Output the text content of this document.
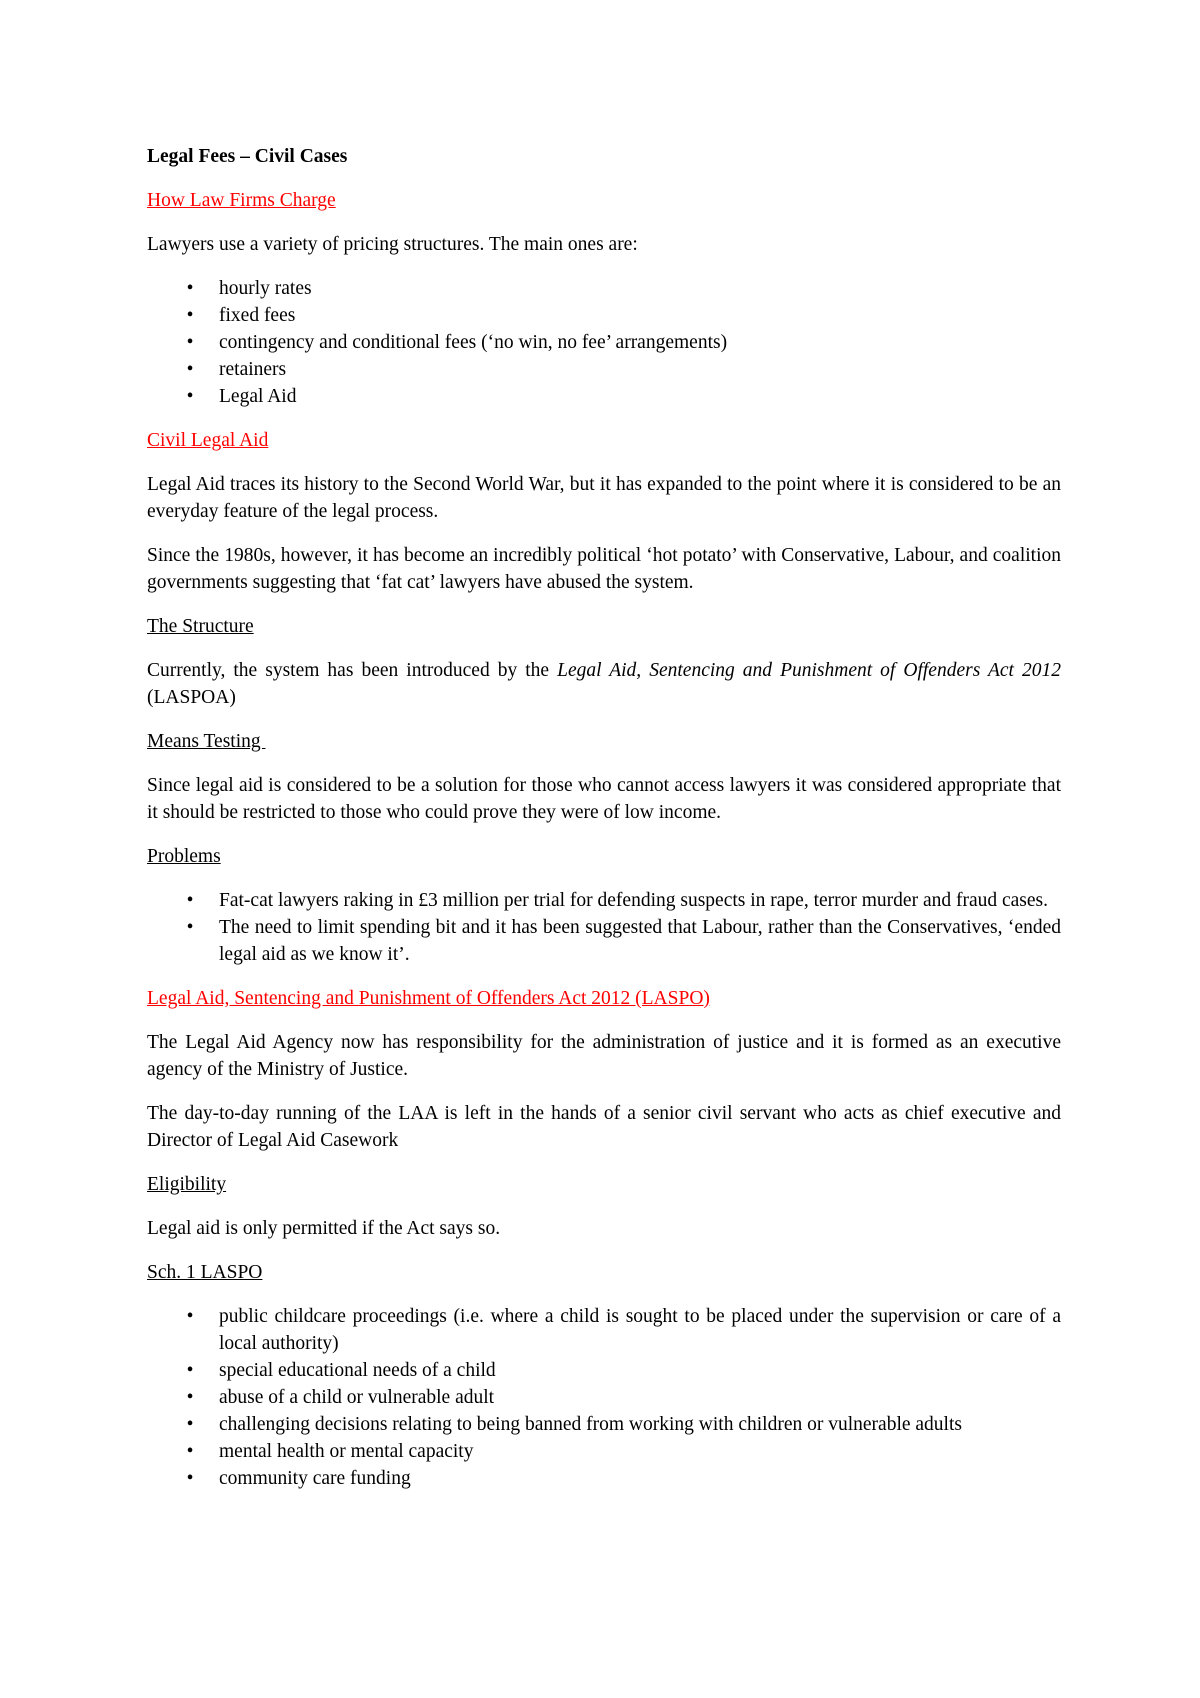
Legal Fees – Civil Cases
How Law Firms Charge

Lawyers use a variety of pricing structures. The main ones are:

• hourly rates
• fixed fees
• contingency and conditional fees (‘no win, no fee’ arrangements)
• retainers
• Legal Aid
Civil Legal Aid

Legal Aid traces its history to the Second World War, but it has expanded to the point where it is considered to be an everyday feature of the legal process.

Since the 1980s, however, it has become an incredibly political ‘hot potato’ with Conservative, Labour, and coalition governments suggesting that ‘fat cat’ lawyers have abused the system.

The Structure

Currently, the system has been introduced by the Legal Aid, Sentencing and Punishment of Offenders Act 2012 (LASPOA)

Means Testing

Since legal aid is considered to be a solution for those who cannot access lawyers it was considered appropriate that it should be restricted to those who could prove they were of low income.

Problems
• Fat-cat lawyers raking in £3 million per trial for defending suspects in rape, terror murder and fraud cases.
• The need to limit spending bit and it has been suggested that Labour, rather than the Conservatives, ‘ended legal aid as we know it’.
Legal Aid, Sentencing and Punishment of Offenders Act 2012 (LASPO)

The Legal Aid Agency now has responsibility for the administration of justice and it is formed as an executive agency of the Ministry of Justice.

The day-to-day running of the LAA is left in the hands of a senior civil servant who acts as chief executive and Director of Legal Aid Casework

Eligibility

Legal aid is only permitted if the Act says so.

Sch. 1 LASPO
• public childcare proceedings (i.e. where a child is sought to be placed under the supervision or care of a local authority)
• special educational needs of a child
• abuse of a child or vulnerable adult
• challenging decisions relating to being banned from working with children or vulnerable adults
• mental health or mental capacity
• community care funding
